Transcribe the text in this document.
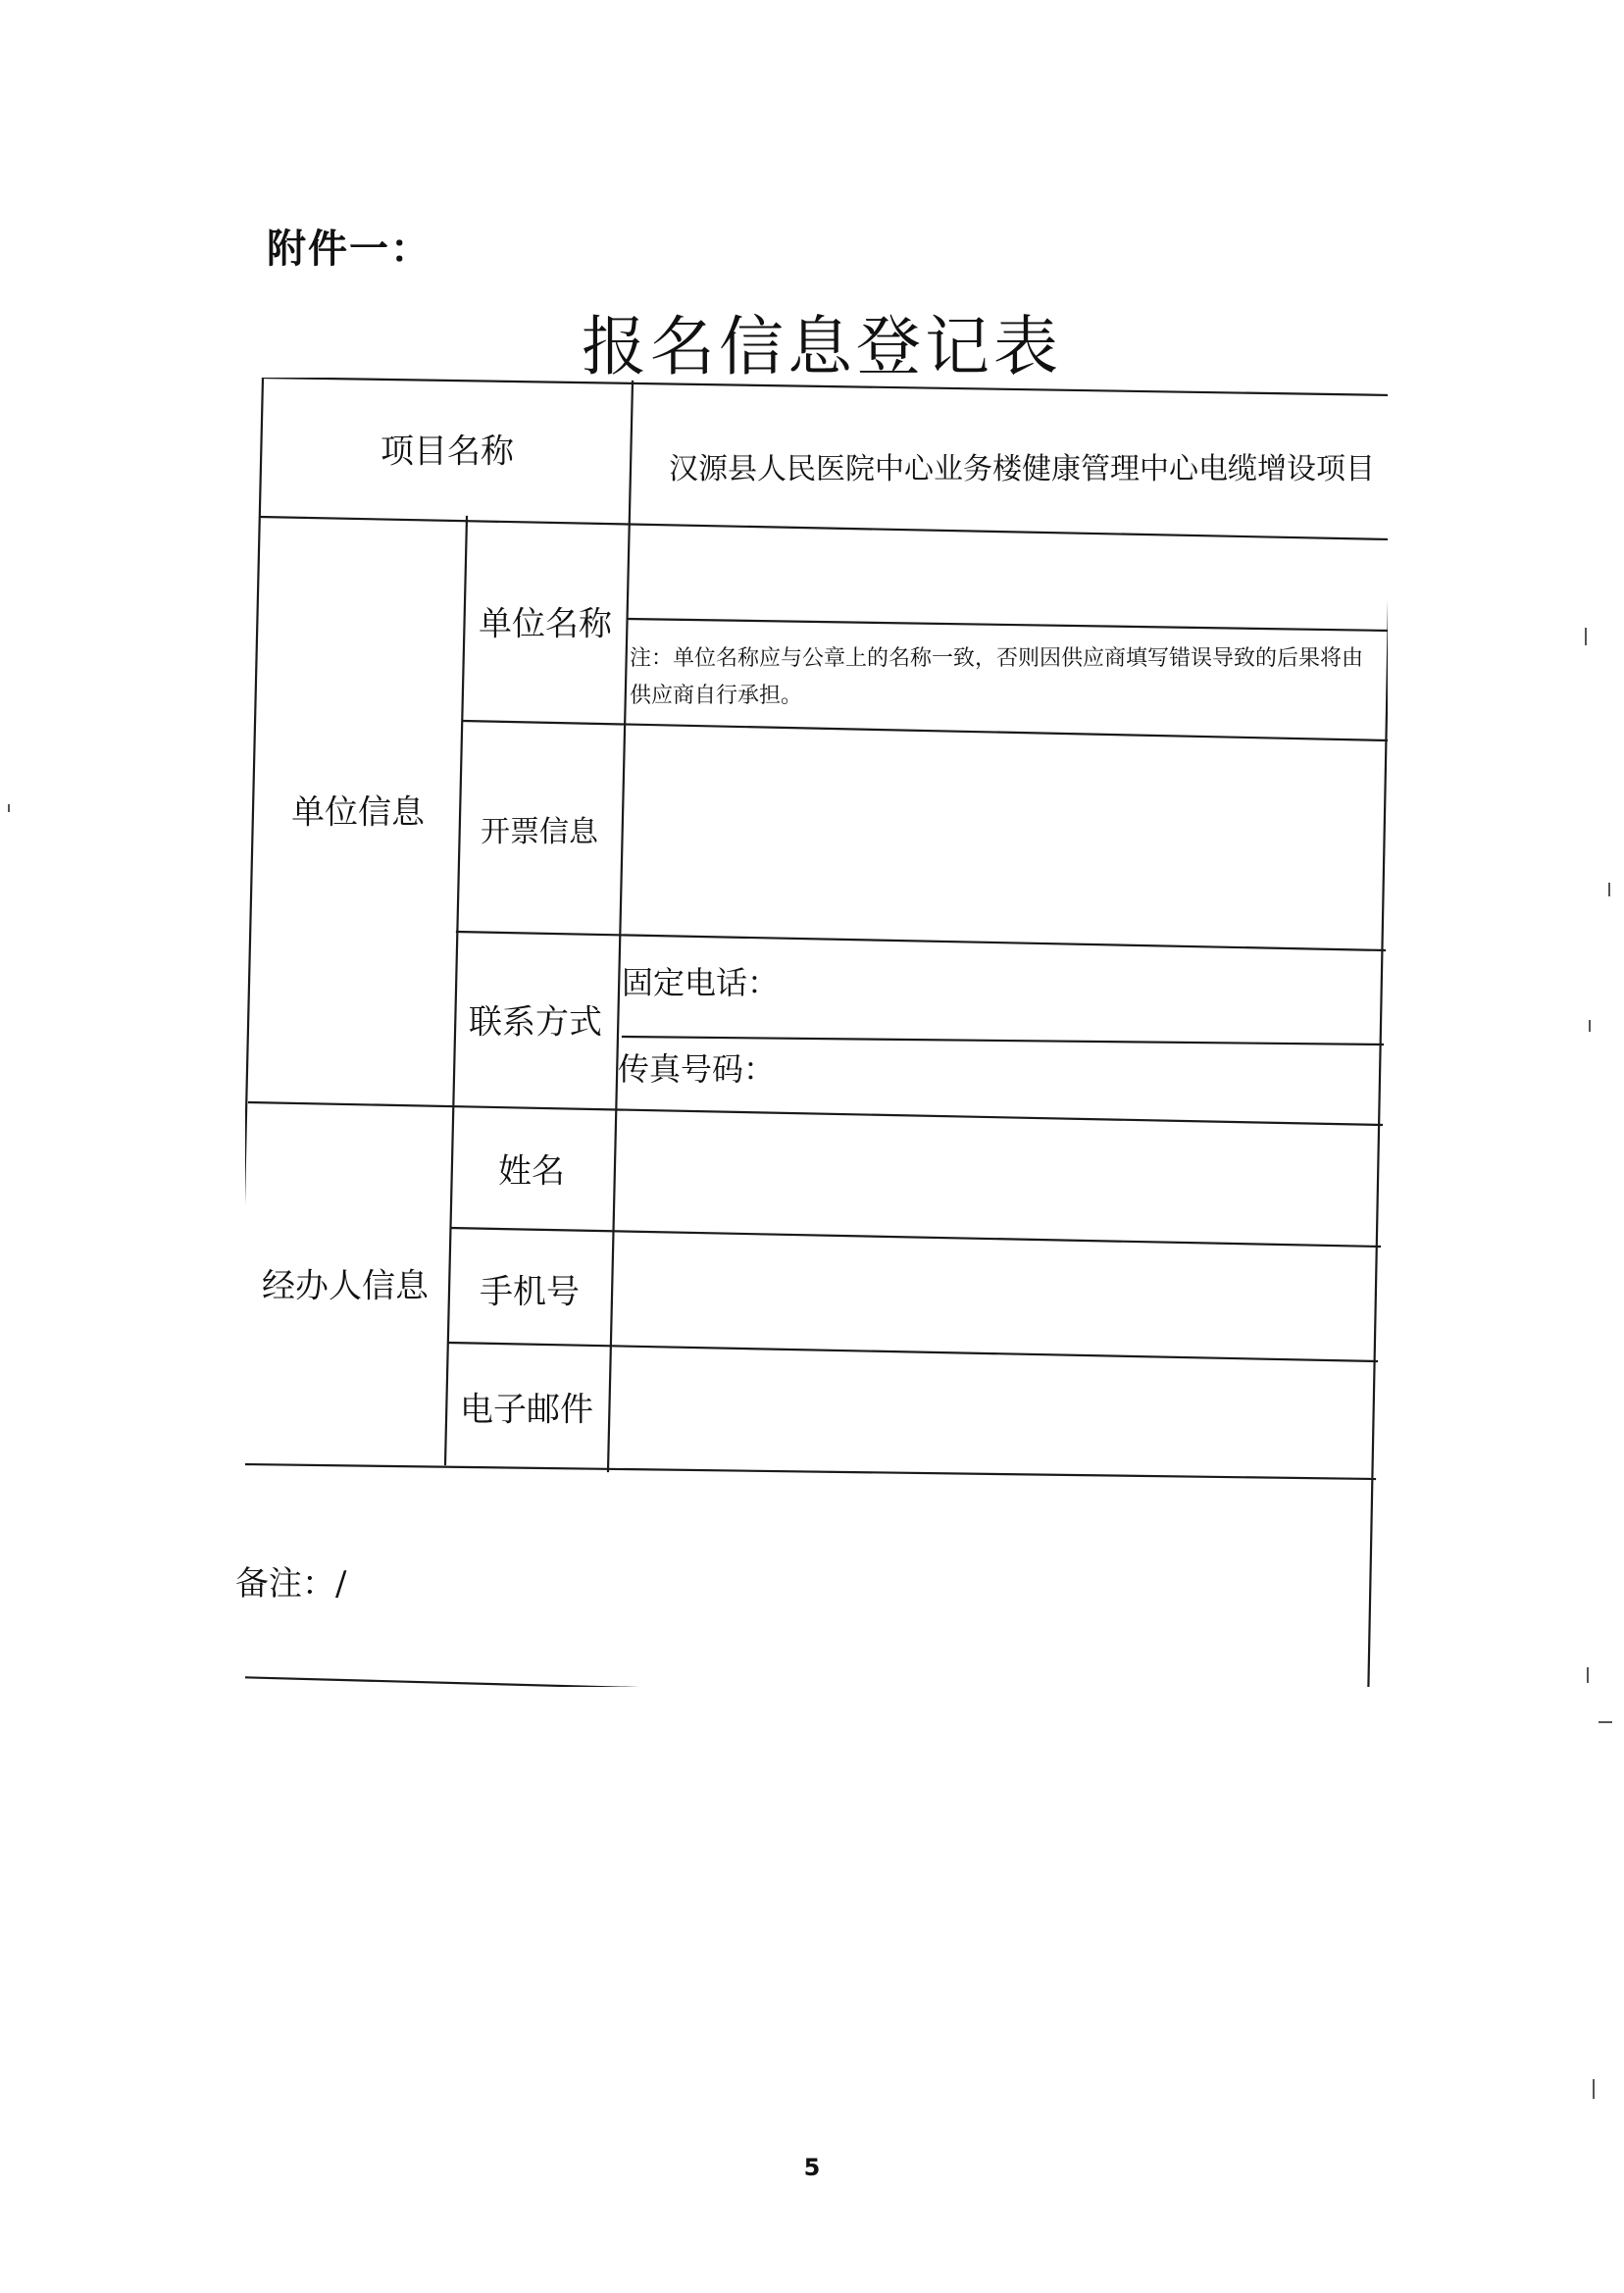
附件一：
报名信息登记表
项目名称	汉源县人民医院中心业务楼健康管理中心电缆增设项目
单位信息
单位名称
注：单位名称应与公章上的名称一致，否则因供应商填写错误导致的后果将由供应商自行承担。
开票信息
联系方式
固定电话：
传真号码：
经办人信息
姓名
手机号
电子邮件
备注：/
5
